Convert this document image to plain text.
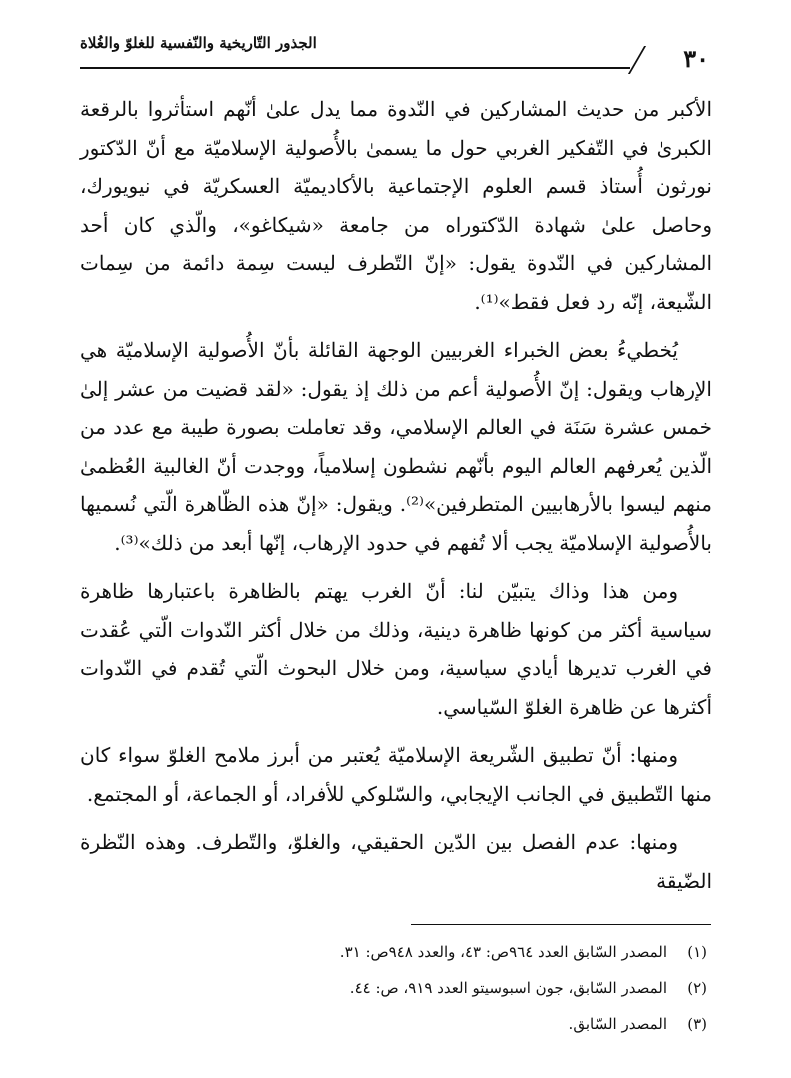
الجذور التّاريخية والنّفسية للغلوّ والغُلاة
٣٠

الأكبر من حديث المشاركين في النّدوة مما يدل علىٰ أنّهم استأثروا بالرقعة الكبرىٰ في التّفكير الغربي حول ما يسمىٰ بالأُصولية الإسلاميّة مع أنّ الدّكتور نورثون أُستاذ قسم العلوم الإجتماعية بالأكاديميّة العسكريّة في نيويورك، وحاصل علىٰ شهادة الدّكتوراه من جامعة «شيكاغو»، والّذي كان أحد المشاركين في النّدوة يقول: «إنّ التّطرف ليست سِمة دائمة من سِمات الشّيعة، إنّه رد فعل فقط»⁽¹⁾.

يُخطيءُ بعض الخبراء الغربيين الوجهة القائلة بأنّ الأُصولية الإسلاميّة هي الإرهاب ويقول: إنّ الأُصولية أعم من ذلك إذ يقول: «لقد قضيت من عشر إلىٰ خمس عشرة سَنَة في العالم الإسلامي، وقد تعاملت بصورة طيبة مع عدد من الّذين يُعرفهم العالم اليوم بأنّهم نشطون إسلامياً، ووجدت أنّ الغالبية العُظمىٰ منهم ليسوا بالأرهابيين المتطرفين»⁽²⁾. ويقول: «إنّ هذه الظّاهرة الّتي نُسميها بالأُصولية الإسلاميّة يجب ألا تُفهم في حدود الإرهاب، إنّها أبعد من ذلك»⁽³⁾.

ومن هذا وذاك يتبيّن لنا: أنّ الغرب يهتم بالظاهرة باعتبارها ظاهرة سياسية أكثر من كونها ظاهرة دينية، وذلك من خلال أكثر النّدوات الّتي عُقدت في الغرب تديرها أيادي سياسية، ومن خلال البحوث الّتي تُقدم في النّدوات أكثرها عن ظاهرة الغلوّ السّياسي.

ومنها: أنّ تطبيق الشّريعة الإسلاميّة يُعتبر من أبرز ملامح الغلوّ سواء كان منها التّطبيق في الجانب الإيجابي، والسّلوكي للأفراد، أو الجماعة، أو المجتمع.

ومنها: عدم الفصل بين الدّين الحقيقي، والغلوّ، والتّطرف. وهذه النّظرة الضّيقة

(١)
المصدر السّابق العدد ٩٦٤ص: ٤٣، والعدد ٩٤٨ص: ٣١.
(٢)
المصدر السّابق، جون اسبوسيتو العدد ٩١٩، ص: ٤٤.
(٣)
المصدر السّابق.
